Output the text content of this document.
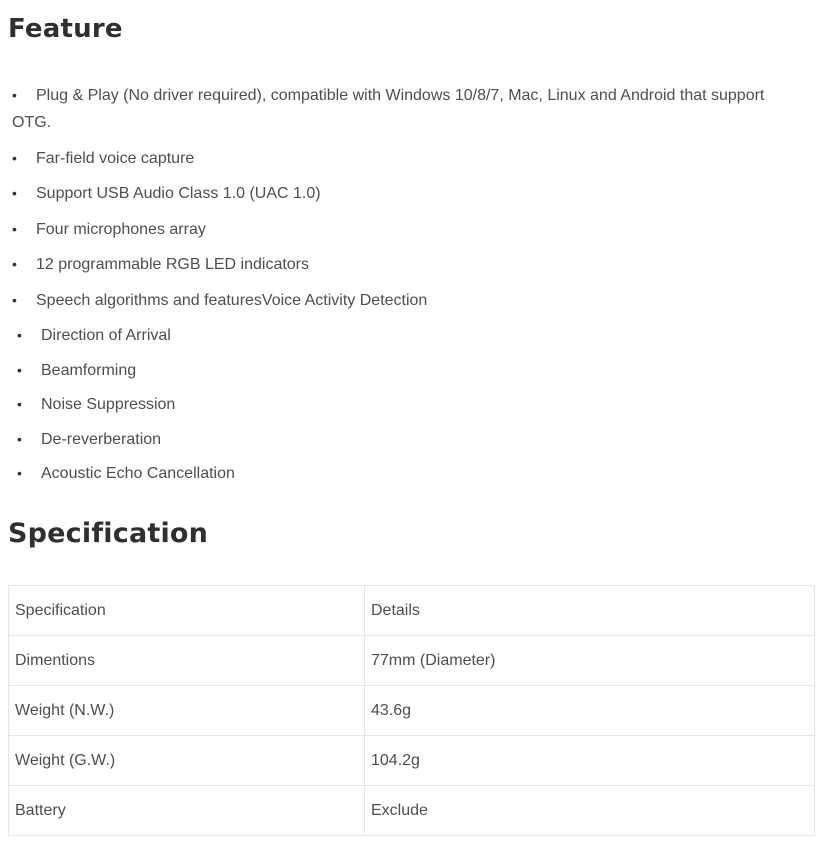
Feature
• Plug & Play (No driver required), compatible with Windows 10/8/7, Mac, Linux and Android that support OTG.
• Far-field voice capture
• Support USB Audio Class 1.0 (UAC 1.0)
• Four microphones array
• 12 programmable RGB LED indicators
• Speech algorithms and featuresVoice Activity Detection
• Direction of Arrival
• Beamforming
• Noise Suppression
• De-reverberation
• Acoustic Echo Cancellation
Specification
Specification	Details
Dimentions	77mm (Diameter)
Weight (N.W.)	43.6g
Weight (G.W.)	104.2g
Battery	Exclude
